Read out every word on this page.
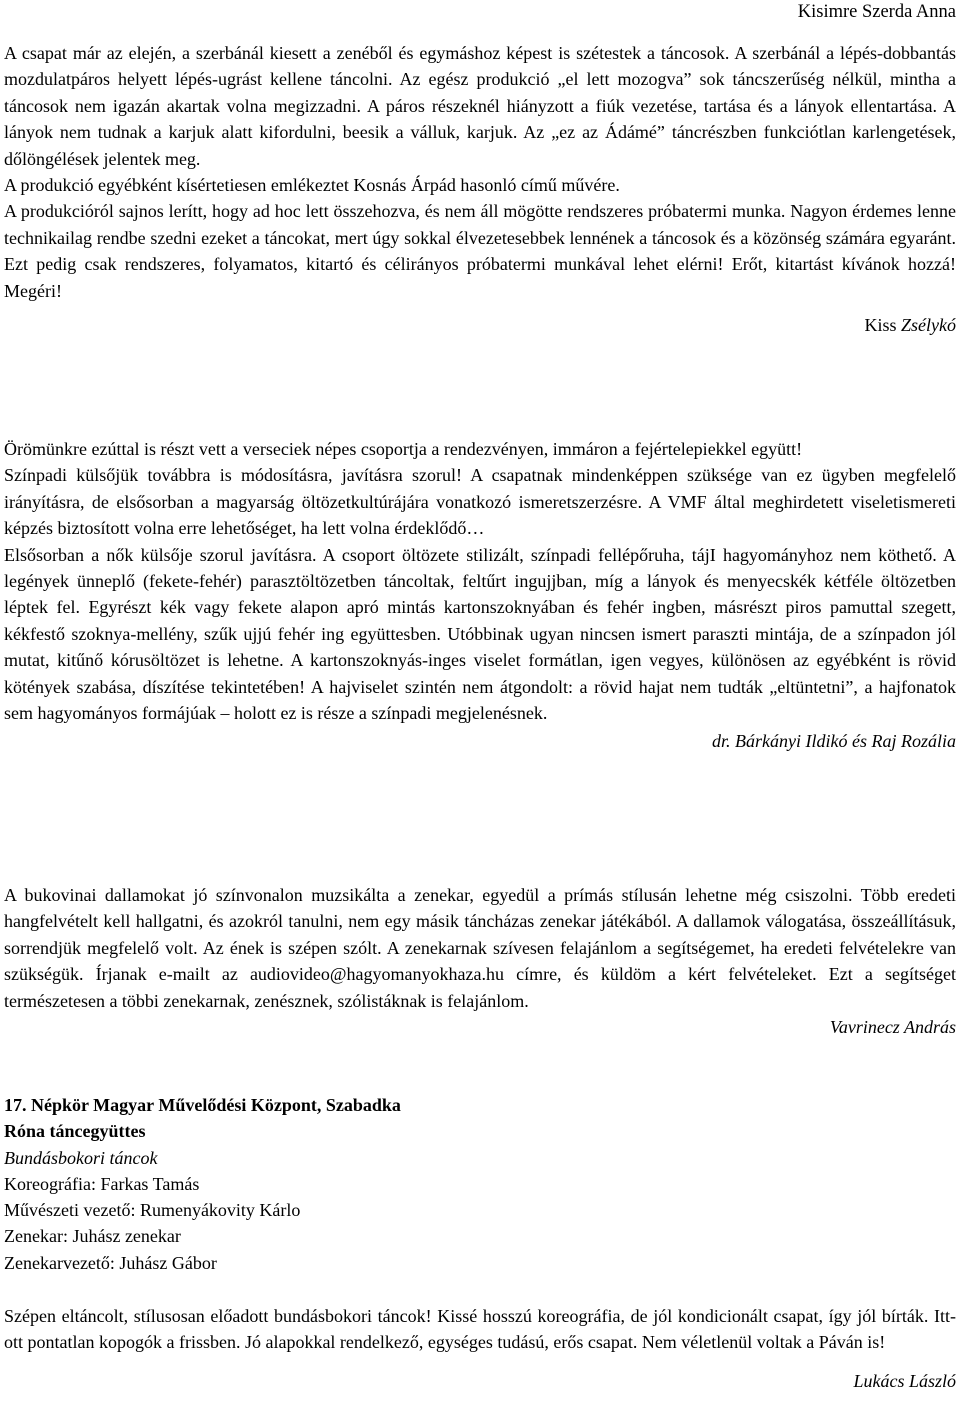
Kisimre Szerda Anna

A csapat már az elején, a szerbánál kiesett a zenéből és egymáshoz képest is szétestek a táncosok. A szerbánál a lépés-dobbantás mozdulatpáros helyett lépés-ugrást kellene táncolni. Az egész produkció „el lett mozogva” sok táncszerűség nélkül, mintha a táncosok nem igazán akartak volna megizzadni. A páros részeknél hiányzott a fiúk vezetése, tartása és a lányok ellentartása. A lányok nem tudnak a karjuk alatt kifordulni, beesik a válluk, karjuk. Az „ez az Ádámé” táncrészben funkciótlan karlengetések, dőlöngélések jelentek meg.

A produkció egyébként kísértetiesen emlékeztet Kosnás Árpád hasonló című művére.

A produkcióról sajnos lerítt, hogy ad hoc lett összehozva, és nem áll mögötte rendszeres próbatermi munka. Nagyon érdemes lenne technikailag rendbe szedni ezeket a táncokat, mert úgy sokkal élvezetesebbek lennének a táncosok és a közönség számára egyaránt. Ezt pedig csak rendszeres, folyamatos, kitartó és célirányos próbatermi munkával lehet elérni! Erőt, kitartást kívánok hozzá! Megéri!

Kiss Zsélykó

Örömünkre ezúttal is részt vett a verseciek népes csoportja a rendezvényen, immáron a fejértelepiekkel együtt!

Színpadi külsőjük továbbra is módosításra, javításra szorul! A csapatnak mindenképpen szüksége van ez ügyben megfelelő irányításra, de elsősorban a magyarság öltözetkultúrájára vonatkozó ismeretszerzésre. A VMF által meghirdetett viseletismereti képzés biztosított volna erre lehetőséget, ha lett volna érdeklődő…

Elsősorban a nők külsője szorul javításra. A csoport öltözete stilizált, színpadi fellépőruha, tájI hagyományhoz nem köthető. A legények ünneplő (fekete-fehér) parasztöltözetben táncoltak, feltűrt ingujjban, míg a lányok és menyecskék kétféle öltözetben léptek fel. Egyrészt kék vagy fekete alapon apró mintás kartonszoknyában és fehér ingben, másrészt piros pamuttal szegett, kékfestő szoknya-mellény, szűk ujjú fehér ing együttesben. Utóbbinak ugyan nincsen ismert paraszti mintája, de a színpadon jól mutat, kitűnő kórusöltözet is lehetne. A kartonszoknyás-inges viselet formátlan, igen vegyes, különösen az egyébként is rövid kötények szabása, díszítése tekintetében! A hajviselet szintén nem átgondolt: a rövid hajat nem tudták „eltüntetni”, a hajfonatok sem hagyományos formájúak – holott ez is része a színpadi megjelenésnek.

dr. Bárkányi Ildikó és Raj Rozália

A bukovinai dallamokat jó színvonalon muzsikálta a zenekar, egyedül a prímás stílusán lehetne még csiszolni. Több eredeti hangfelvételt kell hallgatni, és azokról tanulni, nem egy másik táncházas zenekar játékából. A dallamok válogatása, összeállításuk, sorrendjük megfelelő volt. Az ének is szépen szólt. A zenekarnak szívesen felajánlom a segítségemet, ha eredeti felvételekre van szükségük. Írjanak e-mailt az audiovideo@hagyomanyokhaza.hu címre, és küldöm a kért felvételeket. Ezt a segítséget természetesen a többi zenekarnak, zenésznek, szólistáknak is felajánlom.

Vavrinecz András

17. Népkör Magyar Művelődési Központ, Szabadka

Róna táncegyüttes

Bundásbokori táncok

Koreográfia: Farkas Tamás

Művészeti vezető: Rumenyákovity Kárlo

Zenekar: Juhász zenekar

Zenekarvezető: Juhász Gábor

Szépen eltáncolt, stílusosan előadott bundásbokori táncok! Kissé hosszú koreográfia, de jól kondicionált csapat, így jól bírták. Itt-ott pontatlan kopogók a frissben. Jó alapokkal rendelkező, egységes tudású, erős csapat. Nem véletlenül voltak a Páván is!

Lukács László
